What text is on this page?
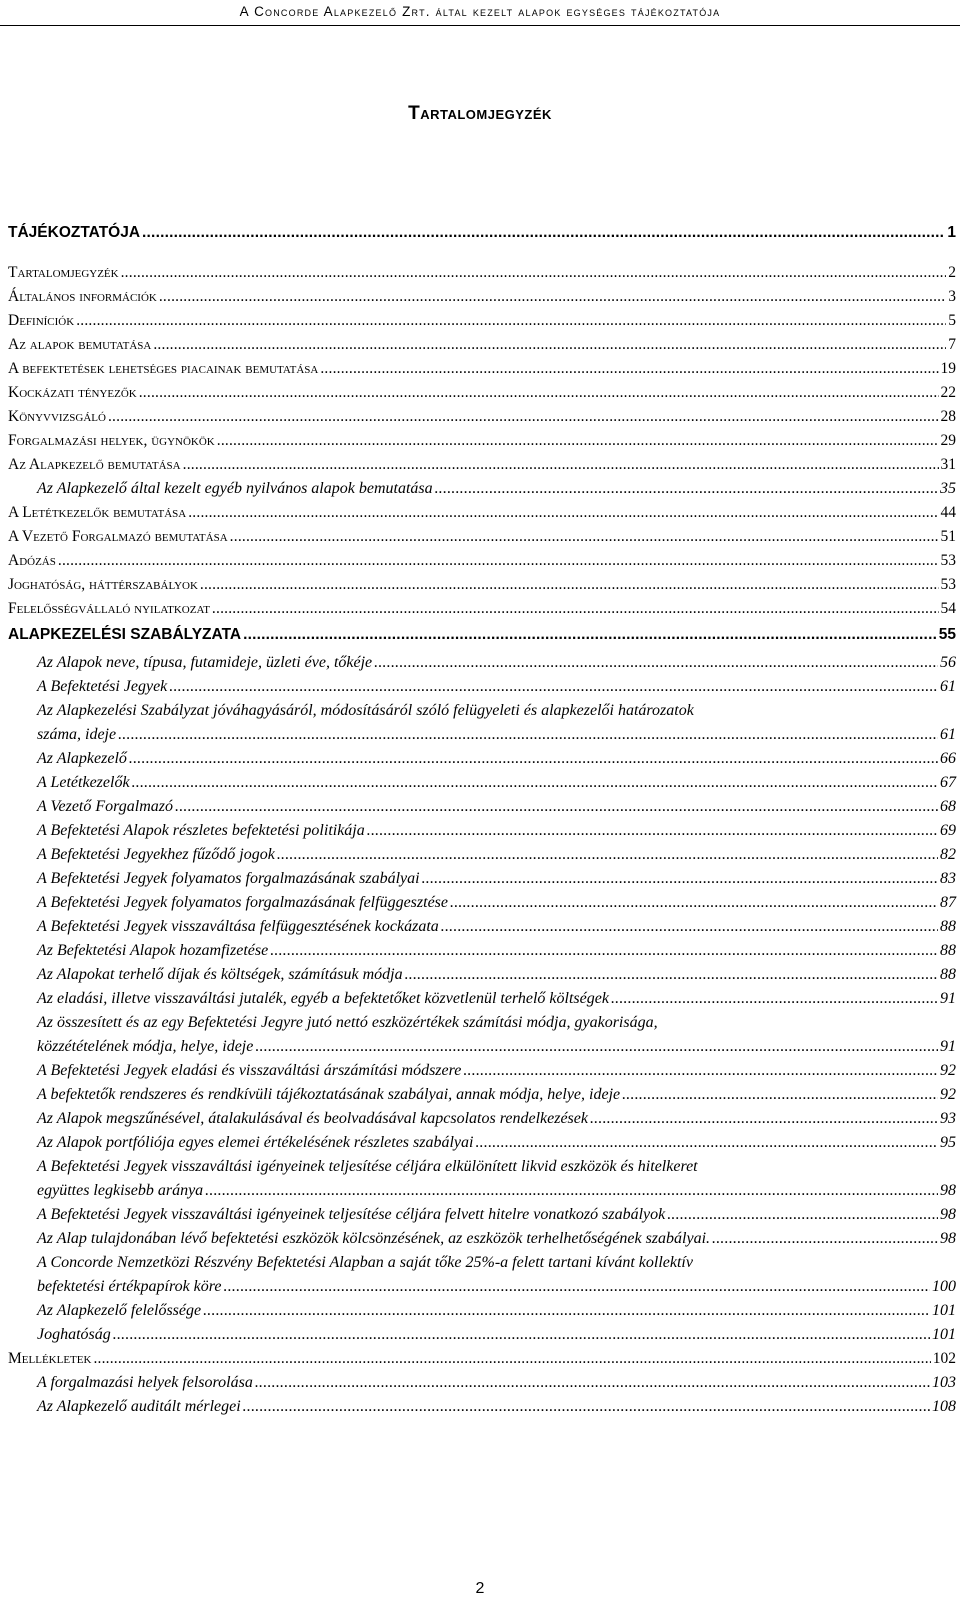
A Concorde Alapkezelő Zrt. által kezelt alapok egységes tájékoztatója
Tartalomjegyzék
TÁJÉKOZTATÓJA .....	1
Tartalomjegyzék .....	2
Általános információk .....	3
Definíciók .....	5
Az alapok bemutatása .....	7
A befektetések lehetséges piacainak bemutatása .....	19
Kockázati tényezők .....	22
Könyvvizsgáló .....	28
Forgalmazási helyek, ügynökök .....	29
Az Alapkezelő bemutatása .....	31
Az Alapkezelő által kezelt egyéb nyilvános alapok bemutatása .....	35
A Letétkezelők bemutatása .....	44
A Vezető Forgalmazó bemutatása .....	51
Adózás .....	53
Joghatóság, háttérszabályok .....	53
Felelősségvállaló nyilatkozat .....	54
ALAPKEZELÉSI SZABÁLYZATA .....	55
Az Alapok neve, típusa, futamideje, üzleti éve, tőkéje .....	56
A Befektetési Jegyek .....	61
Az Alapkezelési Szabályzat jóváhagyásáról, módosításáról szóló felügyeleti és alapkezelői határozatok
száma, ideje .....	61
Az Alapkezelő .....	66
A Letétkezelők .....	67
A Vezető Forgalmazó .....	68
A Befektetési Alapok részletes befektetési politikája .....	69
A Befektetési Jegyekhez fűződő jogok .....	82
A Befektetési Jegyek folyamatos forgalmazásának szabályai .....	83
A Befektetési Jegyek folyamatos forgalmazásának felfüggesztése .....	87
A Befektetési Jegyek visszaváltása felfüggesztésének kockázata .....	88
Az Befektetési Alapok hozamfizetése .....	88
Az Alapokat terhelő díjak és költségek, számításuk módja .....	88
Az eladási, illetve visszaváltási jutalék, egyéb a befektetőket közvetlenül terhelő költségek .....	91
Az összesített és az egy Befektetési Jegyre jutó nettó eszközértékek számítási módja, gyakorisága,
közzétételének módja, helye, ideje .....	91
A Befektetési Jegyek eladási és visszaváltási árszámítási módszere .....	92
A befektetők rendszeres és rendkívüli tájékoztatásának szabályai, annak módja, helye, ideje .....	92
Az Alapok megszűnésével, átalakulásával és beolvadásával kapcsolatos rendelkezések .....	93
Az Alapok portfóliója egyes elemei értékelésének részletes szabályai .....	95
A Befektetési Jegyek visszaváltási igényeinek teljesítése céljára elkülönített likvid eszközök és hitelkeret
együttes legkisebb aránya .....	98
A Befektetési Jegyek visszaváltási igényeinek teljesítése céljára felvett hitelre vonatkozó szabályok .....	98
Az Alap tulajdonában lévő befektetési eszközök kölcsönzésének, az eszközök terhelhetőségének szabályai. .....	98
A Concorde Nemzetközi Részvény Befektetési Alapban a saját tőke 25%-a felett tartani kívánt kollektív
befektetési értékpapírok köre .....	100
Az Alapkezelő felelőssége .....	101
Joghatóság .....	101
Mellékletek .....	102
A forgalmazási helyek felsorolása .....	103
Az Alapkezelő auditált mérlegei .....	108
2
